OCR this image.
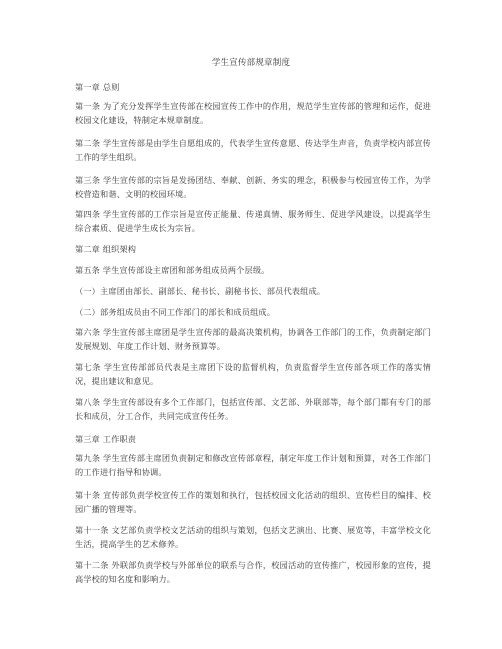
学生宣传部规章制度
第一章 总则
第一条 为了充分发挥学生宣传部在校园宣传工作中的作用，规范学生宣传部的管理和运作，促进校园文化建设，特制定本规章制度。
第二条 学生宣传部是由学生自愿组成的，代表学生宣传意愿、传达学生声音，负责学校内部宣传工作的学生组织。
第三条 学生宣传部的宗旨是发扬团结、奉献、创新、务实的理念，积极参与校园宣传工作，为学校营造和谐、文明的校园环境。
第四条 学生宣传部的工作宗旨是宣传正能量、传递真情、服务师生、促进学风建设，以提高学生综合素质、促进学生成长为宗旨。
第二章 组织架构
第五条 学生宣传部设主席团和部务组成员两个层级。
（一）主席团由部长、副部长、秘书长、副秘书长、部员代表组成。
（二）部务组成员由不同工作部门的部长和成员组成。
第六条 学生宣传部主席团是学生宣传部的最高决策机构，协调各工作部门的工作，负责制定部门发展规划、年度工作计划、财务预算等。
第七条 学生宣传部部员代表是主席团下设的监督机构，负责监督学生宣传部各项工作的落实情况，提出建议和意见。
第八条 学生宣传部设有多个工作部门，包括宣传部、文艺部、外联部等，每个部门都有专门的部长和成员，分工合作，共同完成宣传任务。
第三章 工作职责
第九条 学生宣传部主席团负责制定和修改宣传部章程，制定年度工作计划和预算，对各工作部门的工作进行指导和协调。
第十条 宣传部负责学校宣传工作的策划和执行，包括校园文化活动的组织、宣传栏目的编排、校园广播的管理等。
第十一条 文艺部负责学校文艺活动的组织与策划，包括文艺演出、比赛、展览等，丰富学校文化生活，提高学生的艺术修养。
第十二条 外联部负责学校与外部单位的联系与合作，校园活动的宣传推广，校园形象的宣传，提高学校的知名度和影响力。
